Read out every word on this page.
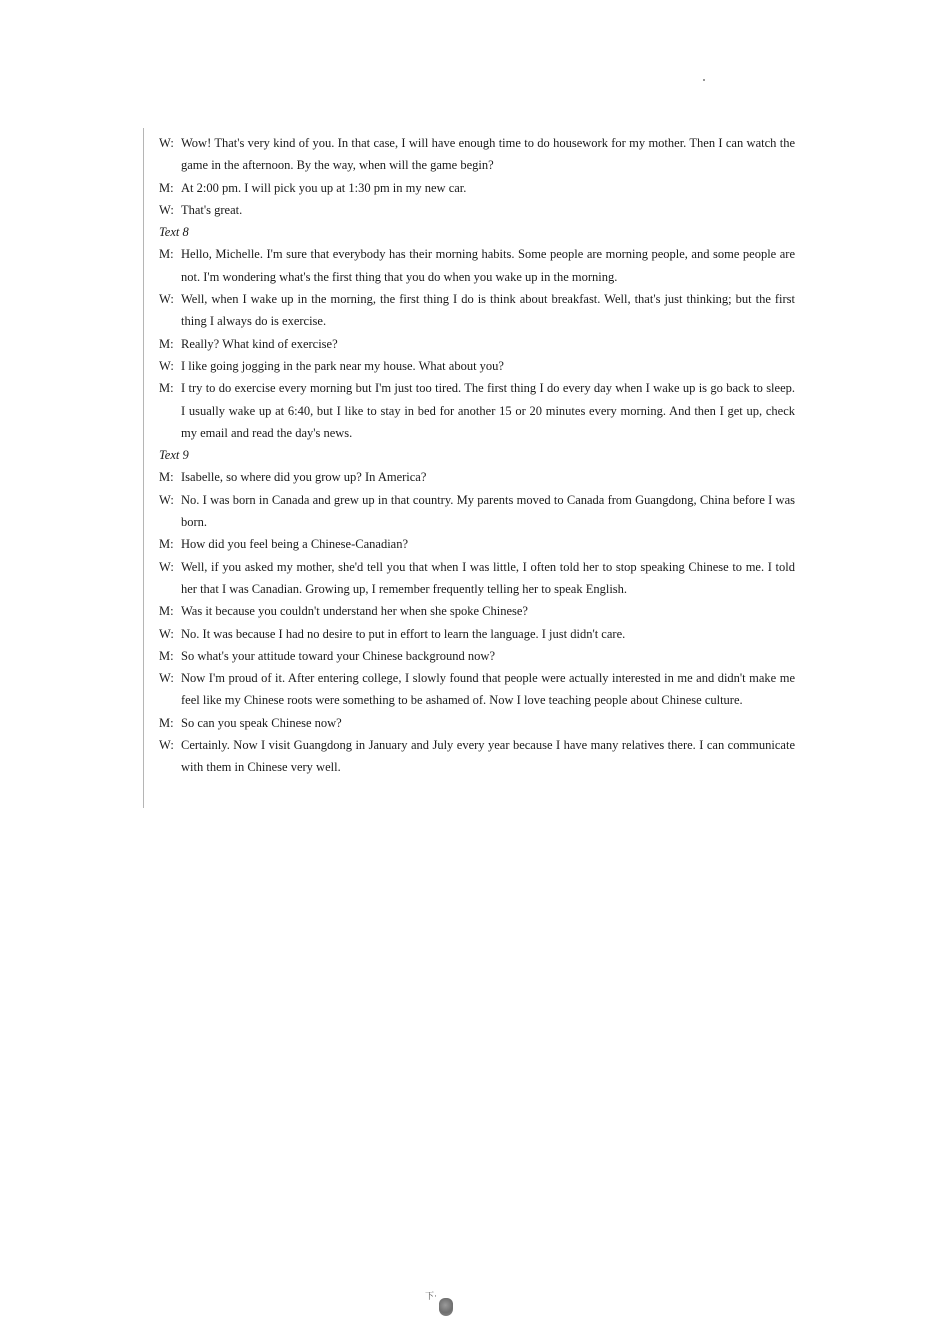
W: Wow! That's very kind of you. In that case, I will have enough time to do housework for my mother. Then I can watch the game in the afternoon. By the way, when will the game begin?
M: At 2:00 pm. I will pick you up at 1:30 pm in my new car.
W: That's great.
Text 8
M: Hello, Michelle. I'm sure that everybody has their morning habits. Some people are morning people, and some people are not. I'm wondering what's the first thing that you do when you wake up in the morning.
W: Well, when I wake up in the morning, the first thing I do is think about breakfast. Well, that's just thinking; but the first thing I always do is exercise.
M: Really? What kind of exercise?
W: I like going jogging in the park near my house. What about you?
M: I try to do exercise every morning but I'm just too tired. The first thing I do every day when I wake up is go back to sleep. I usually wake up at 6:40, but I like to stay in bed for another 15 or 20 minutes every morning. And then I get up, check my email and read the day's news.
Text 9
M: Isabelle, so where did you grow up? In America?
W: No. I was born in Canada and grew up in that country. My parents moved to Canada from Guangdong, China before I was born.
M: How did you feel being a Chinese-Canadian?
W: Well, if you asked my mother, she'd tell you that when I was little, I often told her to stop speaking Chinese to me. I told her that I was Canadian. Growing up, I remember frequently telling her to speak English.
M: Was it because you couldn't understand her when she spoke Chinese?
W: No. It was because I had no desire to put in effort to learn the language. I just didn't care.
M: So what's your attitude toward your Chinese background now?
W: Now I'm proud of it. After entering college, I slowly found that people were actually interested in me and didn't make me feel like my Chinese roots were something to be ashamed of. Now I love teaching people about Chinese culture.
M: So can you speak Chinese now?
W: Certainly. Now I visit Guangdong in January and July every year because I have many relatives there. I can communicate with them in Chinese very well.
下·
